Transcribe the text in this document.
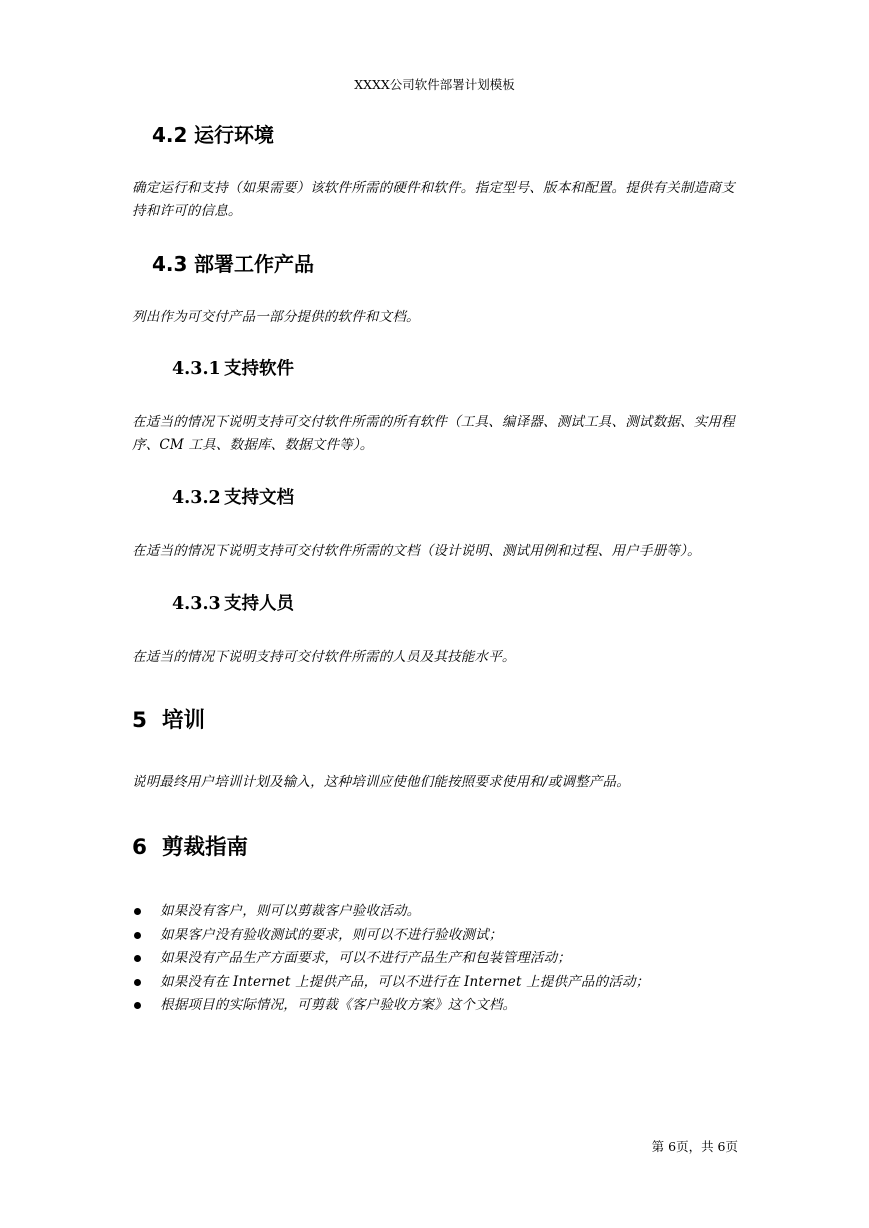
XXXX公司软件部署计划模板
4.2 运行环境
确定运行和支持（如果需要）该软件所需的硬件和软件。指定型号、版本和配置。提供有关制造商支持和许可的信息。
4.3 部署工作产品
列出作为可交付产品一部分提供的软件和文档。
4.3.1 支持软件
在适当的情况下说明支持可交付软件所需的所有软件（工具、编译器、测试工具、测试数据、实用程序、CM 工具、数据库、数据文件等）。
4.3.2 支持文档
在适当的情况下说明支持可交付软件所需的文档（设计说明、测试用例和过程、用户手册等）。
4.3.3 支持人员
在适当的情况下说明支持可交付软件所需的人员及其技能水平。
5 培训
说明最终用户培训计划及输入，这种培训应使他们能按照要求使用和/或调整产品。
6 剪裁指南
如果没有客户，则可以剪裁客户验收活动。
如果客户没有验收测试的要求，则可以不进行验收测试；
如果没有产品生产方面要求，可以不进行产品生产和包装管理活动；
如果没有在 Internet 上提供产品，可以不进行在 Internet 上提供产品的活动；
根据项目的实际情况，可剪裁《客户验收方案》这个文档。
第 6页，共 6页
